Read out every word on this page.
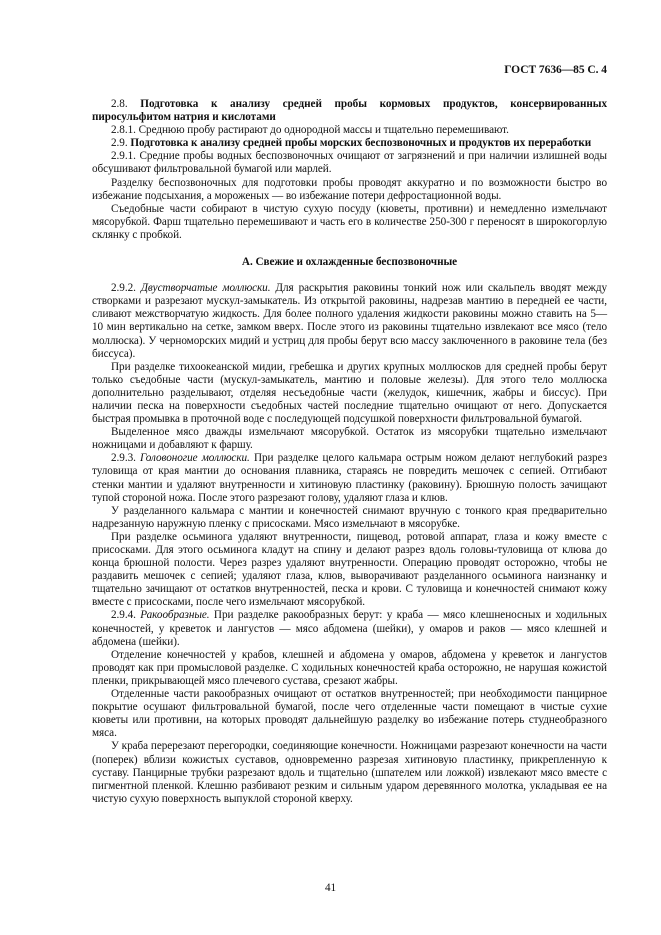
ГОСТ 7636—85 С. 4

2.8. Подготовка к анализу средней пробы кормовых продуктов, консервированных пиросульфитом натрия и кислотами

2.8.1. Среднюю пробу растирают до однородной массы и тщательно перемешивают.

2.9. Подготовка к анализу средней пробы морских беспозвоночных и продуктов их переработки

2.9.1. Средние пробы водных беспозвоночных очищают от загрязнений и при наличии излишней воды обсушивают фильтровальной бумагой или марлей.

Разделку беспозвоночных для подготовки пробы проводят аккуратно и по возможности быстро во избежание подсыхания, а мороженых — во избежание потери дефростационной воды.

Съедобные части собирают в чистую сухую посуду (кюветы, противни) и немедленно измельчают мясорубкой. Фарш тщательно перемешивают и часть его в количестве 250-300 г переносят в широкогорлую склянку с пробкой.

А. Свежие и охлажденные беспозвоночные

2.9.2. Двустворчатые моллюски. Для раскрытия раковины тонкий нож или скальпель вводят между створками и разрезают мускул-замыкатель. Из открытой раковины, надрезав мантию в передней ее части, сливают межстворчатую жидкость. Для более полного удаления жидкости раковины можно ставить на 5—10 мин вертикально на сетке, замком вверх. После этого из раковины тщательно извлекают все мясо (тело моллюска). У черноморских мидий и устриц для пробы берут всю массу заключенного в раковине тела (без биссуса).

При разделке тихоокеанской мидии, гребешка и других крупных моллюсков для средней пробы берут только съедобные части (мускул-замыкатель, мантию и половые железы). Для этого тело моллюска дополнительно разделывают, отделяя несъедобные части (желудок, кишечник, жабры и биссус). При наличии песка на поверхности съедобных частей последние тщательно очищают от него. Допускается быстрая промывка в проточной воде с последующей подсушкой поверхности фильтровальной бумагой.

Выделенное мясо дважды измельчают мясорубкой. Остаток из мясорубки тщательно измельчают ножницами и добавляют к фаршу.

2.9.3. Головоногие моллюски. При разделке целого кальмара острым ножом делают неглубокий разрез туловища от края мантии до основания плавника, стараясь не повредить мешочек с сепией. Отгибают стенки мантии и удаляют внутренности и хитиновую пластинку (раковину). Брюшную полость зачищают тупой стороной ножа. После этого разрезают голову, удаляют глаза и клюв.

У разделанного кальмара с мантии и конечностей снимают вручную с тонкого края предварительно надрезанную наружную пленку с присосками. Мясо измельчают в мясорубке.

При разделке осьминога удаляют внутренности, пищевод, ротовой аппарат, глаза и кожу вместе с присосками. Для этого осьминога кладут на спину и делают разрез вдоль головы-туловища от клюва до конца брюшной полости. Через разрез удаляют внутренности. Операцию проводят осторожно, чтобы не раздавить мешочек с сепией; удаляют глаза, клюв, выворачивают разделанного осьминога наизнанку и тщательно зачищают от остатков внутренностей, песка и крови. С туловища и конечностей снимают кожу вместе с присосками, после чего измельчают мясорубкой.

2.9.4. Ракообразные. При разделке ракообразных берут: у краба — мясо клешненосных и ходильных конечностей, у креветок и лангустов — мясо абдомена (шейки), у омаров и раков — мясо клешней и абдомена (шейки).

Отделение конечностей у крабов, клешней и абдомена у омаров, абдомена у креветок и лангустов проводят как при промысловой разделке. С ходильных конечностей краба осторожно, не нарушая кожистой пленки, прикрывающей мясо плечевого сустава, срезают жабры.

Отделенные части ракообразных очищают от остатков внутренностей; при необходимости панцирное покрытие осушают фильтровальной бумагой, после чего отделенные части помещают в чистые сухие кюветы или противни, на которых проводят дальнейшую разделку во избежание потерь студнеобразного мяса.

У краба перерезают перегородки, соединяющие конечности. Ножницами разрезают конечности на части (поперек) вблизи кожистых суставов, одновременно разрезая хитиновую пластинку, прикрепленную к суставу. Панцирные трубки разрезают вдоль и тщательно (шпателем или ложкой) извлекают мясо вместе с пигментной пленкой. Клешню разбивают резким и сильным ударом деревянного молотка, укладывая ее на чистую сухую поверхность выпуклой стороной кверху.

41
